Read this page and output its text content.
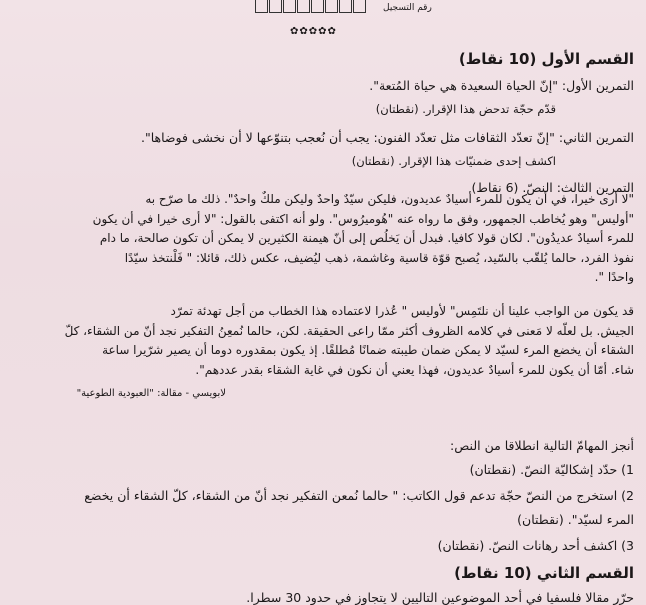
رقم التسجيل
✿✿✿✿✿
القسم الأول (10 نقاط)
التمرين الأول: "إنّ الحياة السعيدة هي حياة المُتعة".
قدّم حجّة تدحض هذا الإقرار. (نقطتان)
التمرين الثاني: "إنّ تعدّد الثقافات مثل تعدّد الفنون: يجب أن نُعجب بتنوّعها لا أن نخشى فوضاها".
اكشف إحدى ضمنيّات هذا الإقرار. (نقطتان)
التمرين الثالث: النصّ. (6 نقاط)

"لا أرى خيرا، في أن يكون للمرء أسيادٌ عديدون، فليكن سيّدٌ واحدٌ وليكن ملكٌ واحدٌ". ذلك ما صرّح به

"أوليس" وهو يُخاطب الجمهور، وفق ما رواه عنه "هُوميرُوس". ولو أنه اكتفى بالقول: "لا أرى خيرا في أن يكون

للمرء أسيادٌ عديدُون". لكان قولا كافيا. فبدل أن يَخلُص إلى أنّ هيمنة الكثيرين لا يمكن أن تكون صالحة، ما دام

نفوذ الفرد، حالما يُلقّب بالسّيد، يُصبح قوّة قاسية وغاشمة، ذهب ليُضيف، عكس ذلك، قائلا: " فَلْنتخذ سيّدًا

واحدًا ".

قد يكون من الواجب علينا أن نلتَمِس" لأوليس " عُذرا لاعتماده هذا الخطاب من أجل تهدئة تمرّد

الجيش. بل لعلّه لا مَعنى في كلامه الظروف أكثر ممّا راعى الحقيقة. لكن، حالما نُمعِنُ التفكير نجد أنّ من الشقاء، كلّ

الشقاء أن يخضع المرء لسيّد لا يمكن ضمان طيبته ضمانًا مُطلقًا. إذ يكون بمقدوره دوما أن يصير شرّيرا ساعة

شاء. أمّا أن يكون للمرء أسيادٌ عديدون، فهذا يعني أن نكون في غاية الشقاء بقدر عددهم".

لابويسي - مقالة: "العبودية الطوعية"
أنجز المهامّ التالية انطلاقا من النص:
1) حدّد إشكاليّة النصّ. (نقطتان)
2) استخرج من النصّ حجّة تدعم قول الكاتب: " حالما نُمعن التفكير نجد أنّ من الشقاء، كلّ الشقاء أن يخضع
المرء لسيّد". (نقطتان)
3) اكشف أحد رهانات النصّ. (نقطتان)
القسم الثاني (10 نقاط)
حرّر مقالا فلسفيا في أحد الموضوعين التاليين لا يتجاوز في حدود 30 سطرا.
